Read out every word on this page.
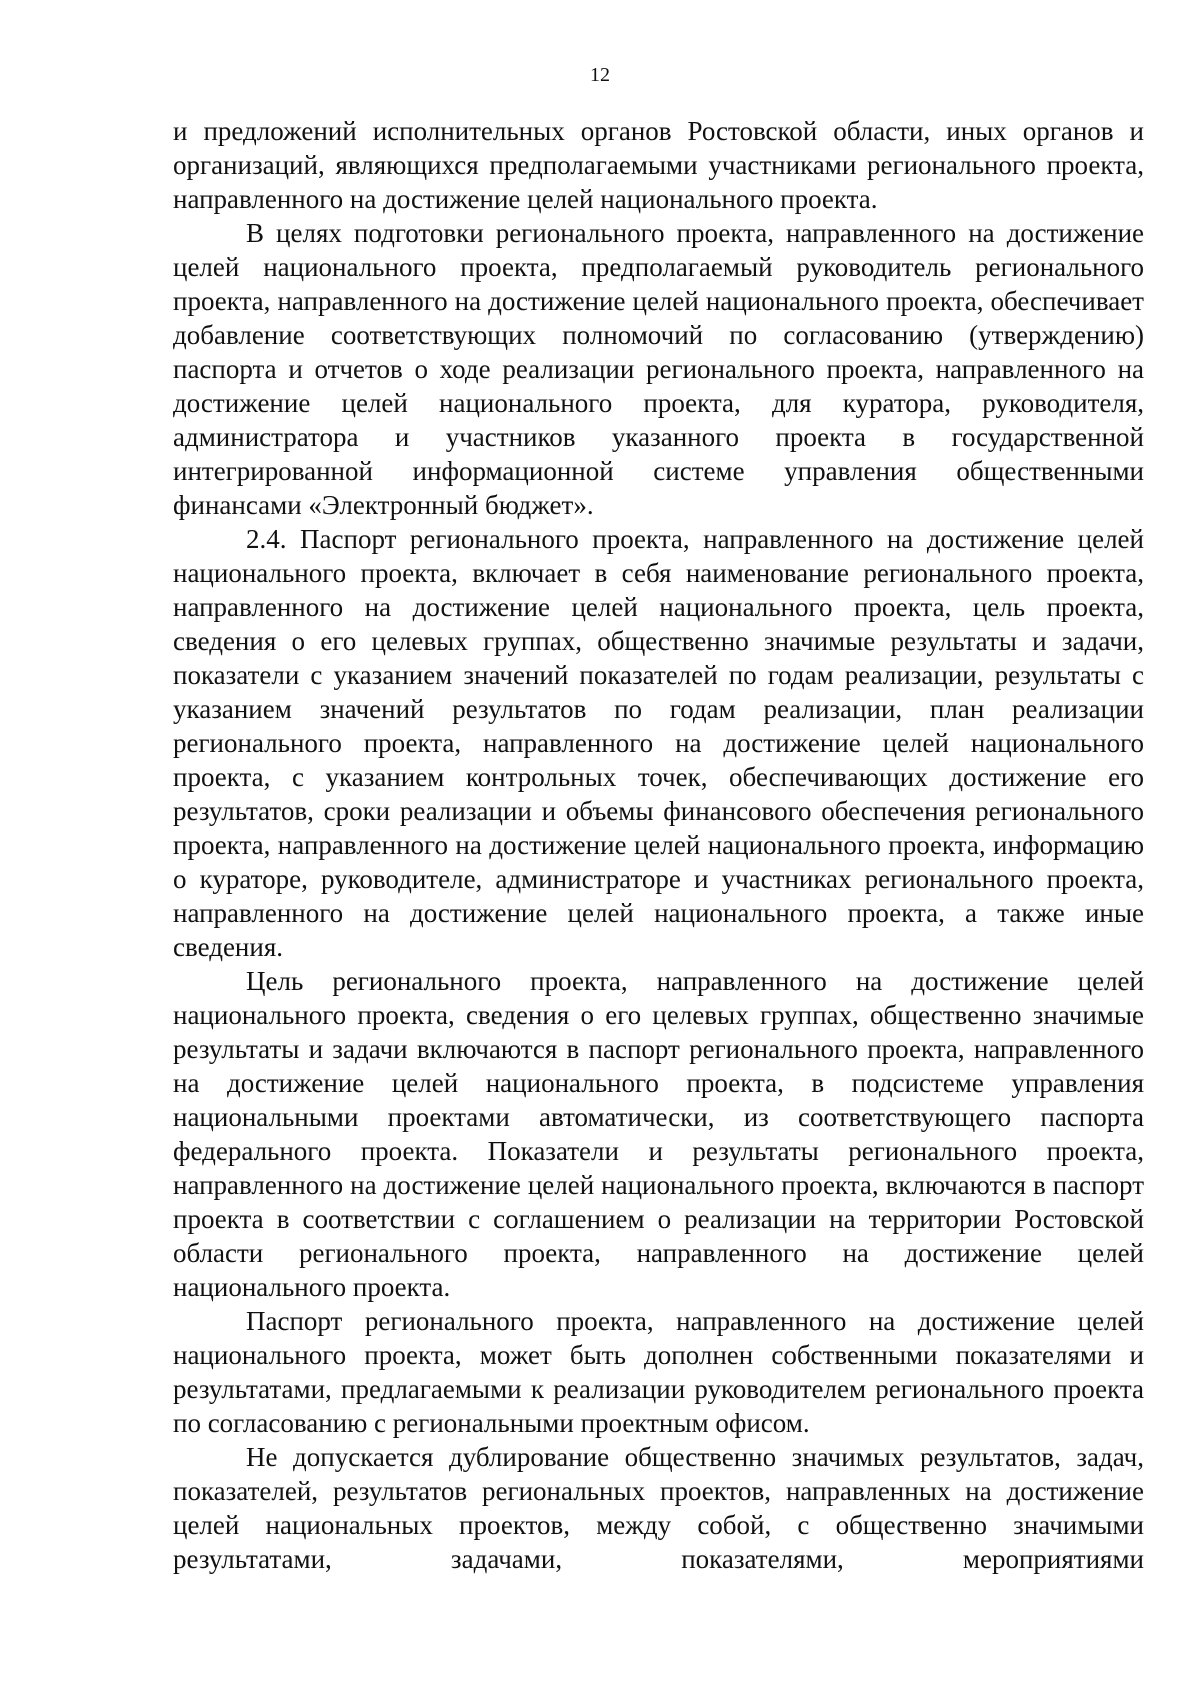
12

и предложений исполнительных органов Ростовской области, иных органов и организаций, являющихся предполагаемыми участниками регионального проекта, направленного на достижение целей национального проекта.

В целях подготовки регионального проекта, направленного на достижение целей национального проекта, предполагаемый руководитель регионального проекта, направленного на достижение целей национального проекта, обеспечивает добавление соответствующих полномочий по согласованию (утверждению) паспорта и отчетов о ходе реализации регионального проекта, направленного на достижение целей национального проекта, для куратора, руководителя, администратора и участников указанного проекта в государственной интегрированной информационной системе управления общественными финансами «Электронный бюджет».

2.4. Паспорт регионального проекта, направленного на достижение целей национального проекта, включает в себя наименование регионального проекта, направленного на достижение целей национального проекта, цель проекта, сведения о его целевых группах, общественно значимые результаты и задачи, показатели с указанием значений показателей по годам реализации, результаты с указанием значений результатов по годам реализации, план реализации регионального проекта, направленного на достижение целей национального проекта, с указанием контрольных точек, обеспечивающих достижение его результатов, сроки реализации и объемы финансового обеспечения регионального проекта, направленного на достижение целей национального проекта, информацию о кураторе, руководителе, администраторе и участниках регионального проекта, направленного на достижение целей национального проекта, а также иные сведения.

Цель регионального проекта, направленного на достижение целей национального проекта, сведения о его целевых группах, общественно значимые результаты и задачи включаются в паспорт регионального проекта, направленного на достижение целей национального проекта, в подсистеме управления национальными проектами автоматически, из соответствующего паспорта федерального проекта. Показатели и результаты регионального проекта, направленного на достижение целей национального проекта, включаются в паспорт проекта в соответствии с соглашением о реализации на территории Ростовской области регионального проекта, направленного на достижение целей национального проекта.

Паспорт регионального проекта, направленного на достижение целей национального проекта, может быть дополнен собственными показателями и результатами, предлагаемыми к реализации руководителем регионального проекта по согласованию с региональными проектным офисом.

Не допускается дублирование общественно значимых результатов, задач, показателей, результатов региональных проектов, направленных на достижение целей национальных проектов, между собой, с общественно значимыми результатами, задачами, показателями, мероприятиями
